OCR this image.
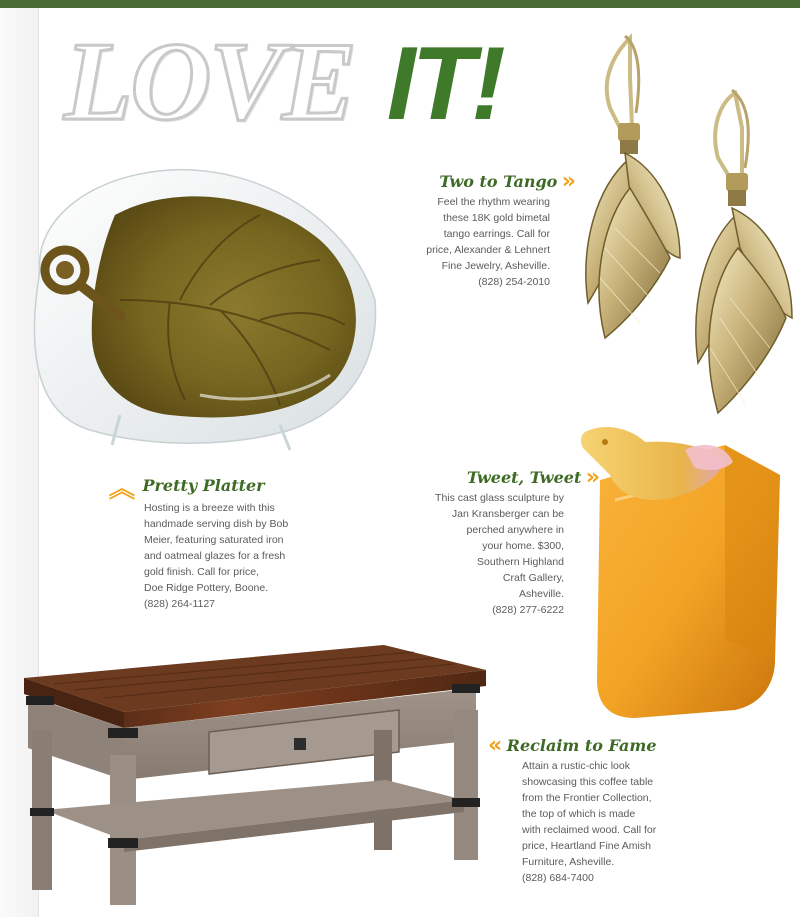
LOVE IT!
Two to Tango »
Feel the rhythm wearing
these 18K gold bimetal
tango earrings. Call for
price, Alexander & Lehnert
Fine Jewelry, Asheville.
(828) 254-2010
︽ Pretty Platter
Hosting is a breeze with this
handmade serving dish by Bob
Meier, featuring saturated iron
and oatmeal glazes for a fresh
gold finish. Call for price,
Doe Ridge Pottery, Boone.
(828) 264-1127
Tweet, Tweet »
This cast glass sculpture by
Jan Kransberger can be
perched anywhere in
your home. $300,
Southern Highland
Craft Gallery,
Asheville.
(828) 277-6222
« Reclaim to Fame
Attain a rustic-chic look
showcasing this coffee table
from the Frontier Collection,
the top of which is made
with reclaimed wood. Call for
price, Heartland Fine Amish
Furniture, Asheville.
(828) 684-7400
